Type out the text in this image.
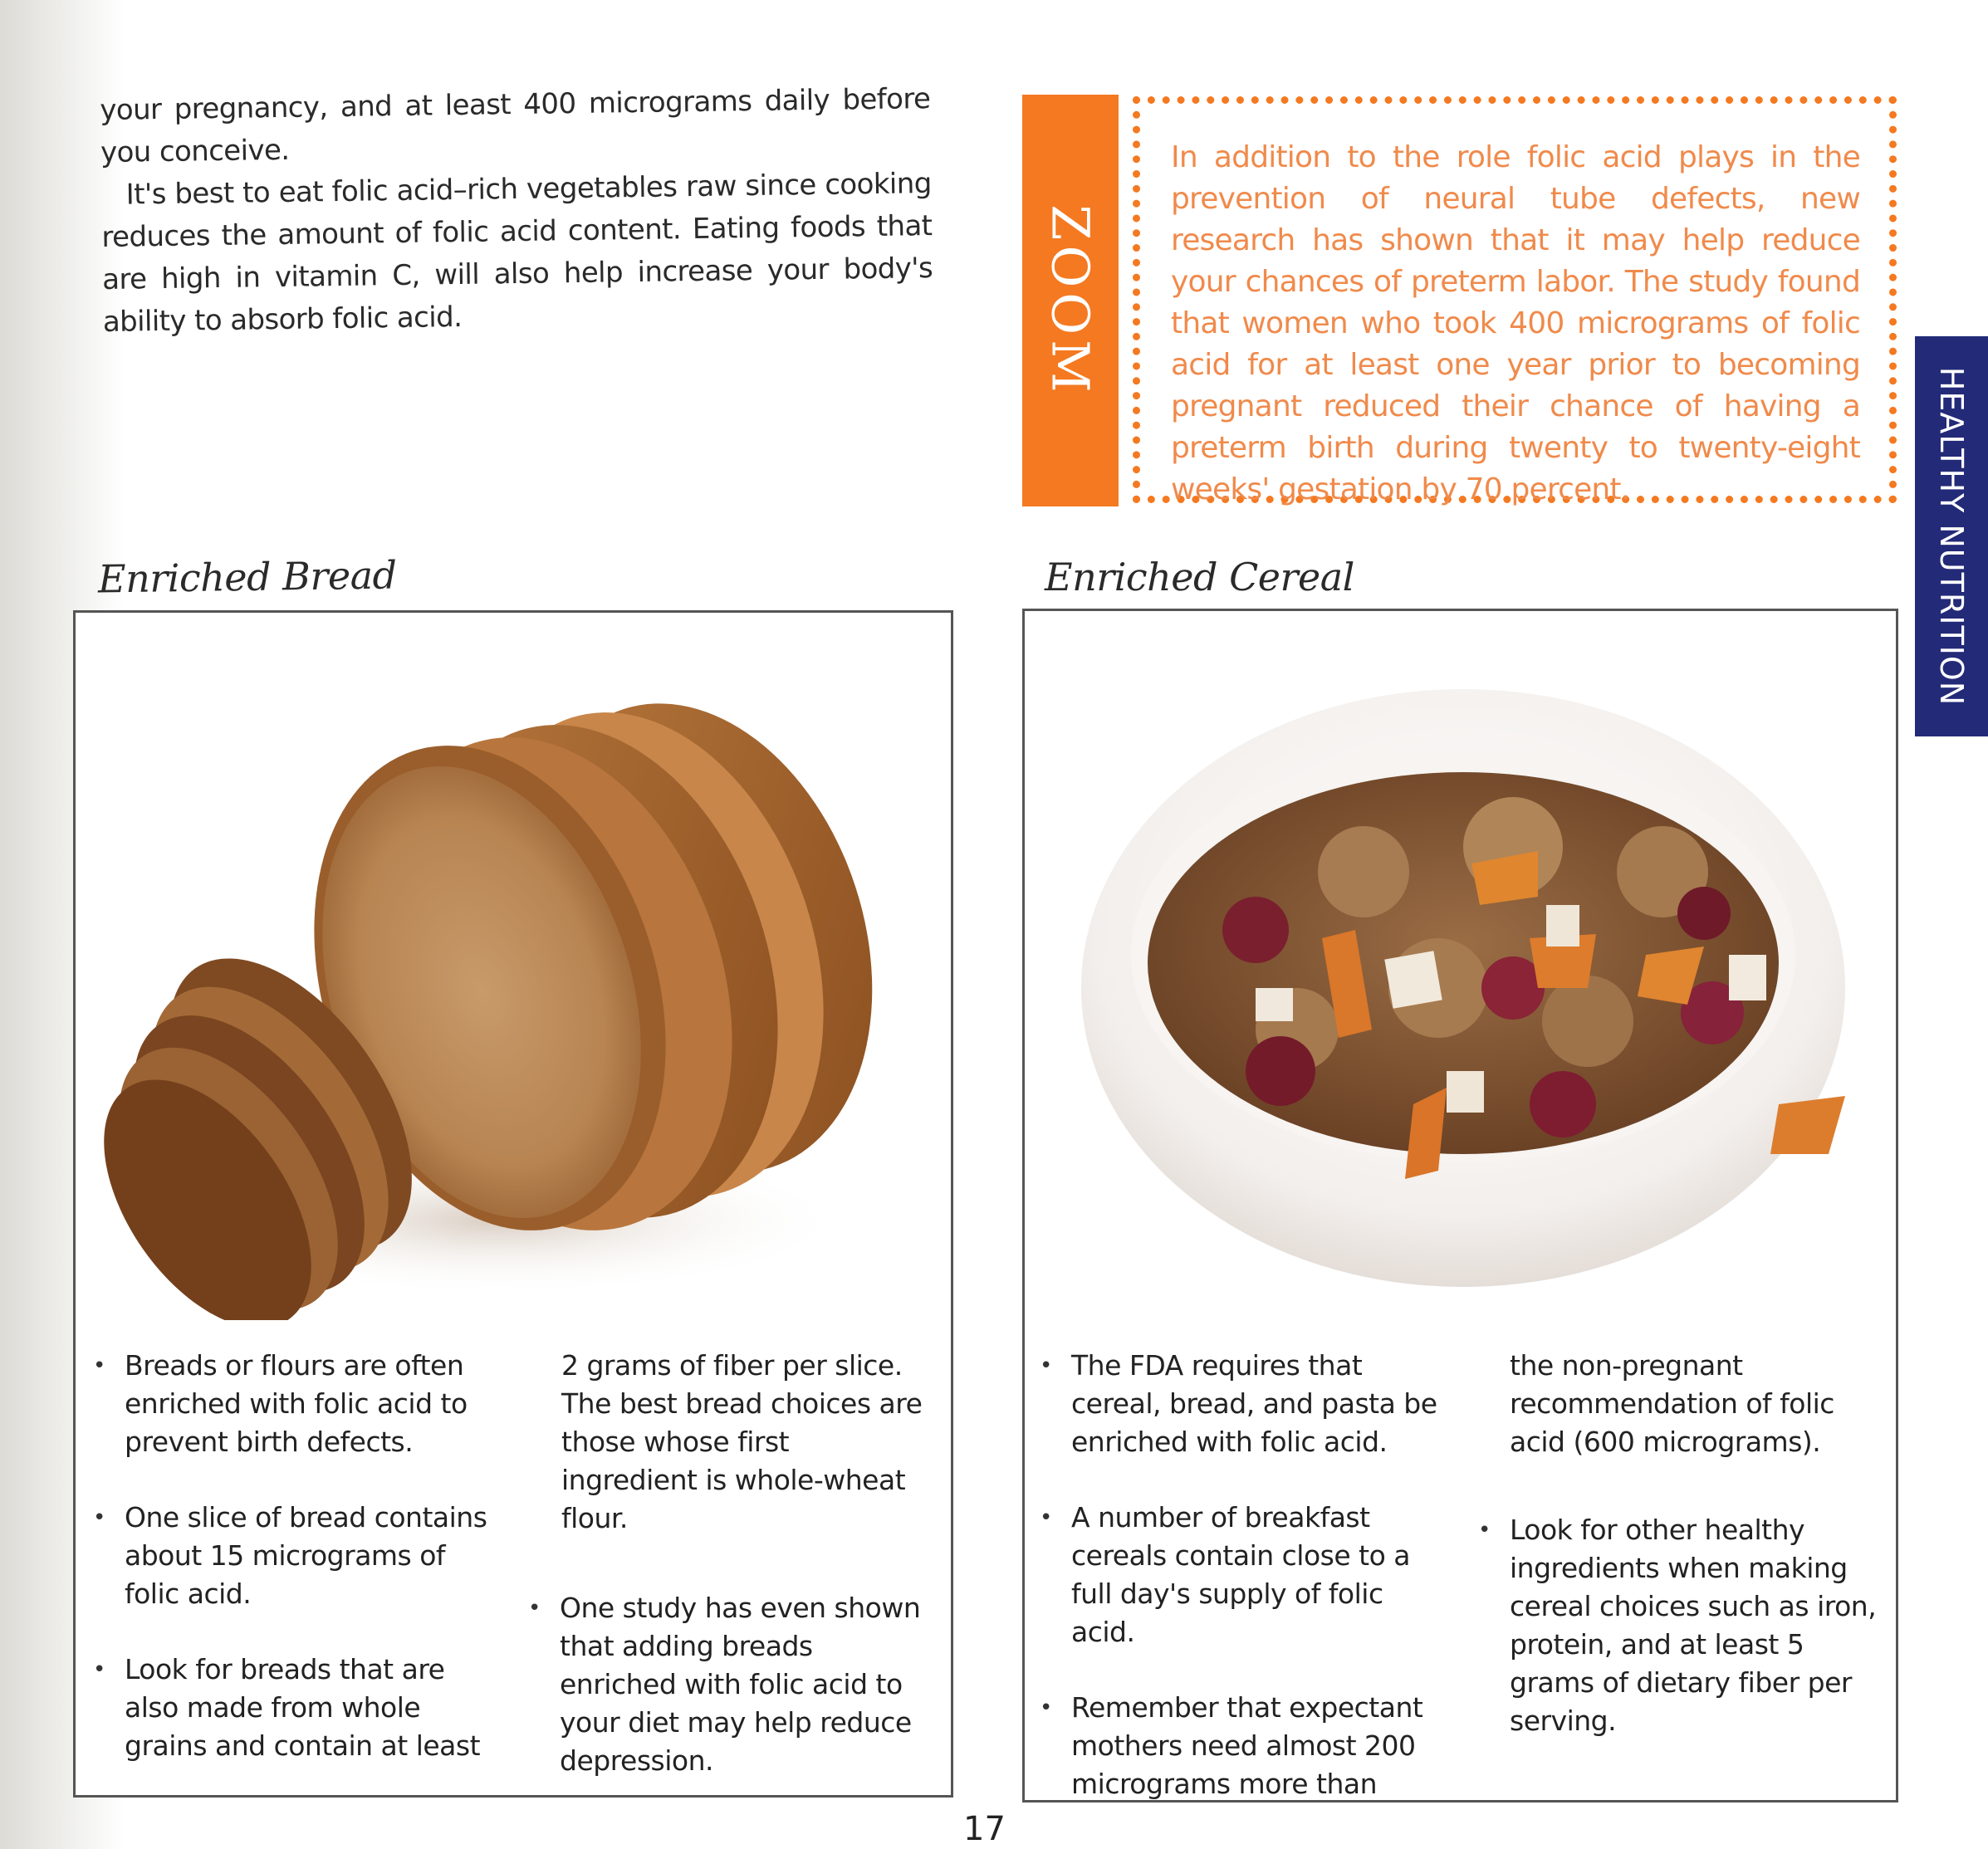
your pregnancy, and at least 400 micrograms daily before you conceive.

It's best to eat folic acid–rich vegetables raw since cooking reduces the amount of folic acid content. Eating foods that are high in vitamin C, will also help increase your body's ability to absorb folic acid.	ZOOM
In addition to the role folic acid plays in the prevention of neural tube defects, new research has shown that it may help reduce your chances of preterm labor. The study found that women who took 400 micrograms of folic acid for at least one year prior to becoming pregnant reduced their chance of having a preterm birth during twenty to twenty-eight weeks' gestation by 70 percent.	HEALTHY NUTRITION
Enriched Bread
• Breads or flours are often enriched with folic acid to prevent birth defects.
• One slice of bread contains about 15 micrograms of folic acid.
• Look for breads that are also made from whole grains and contain at least
2 grams of fiber per slice. The best bread choices are those whose first ingredient is whole-wheat flour.
• One study has even shown that adding breads enriched with folic acid to your diet may help reduce depression.
Enriched Cereal
• The FDA requires that cereal, bread, and pasta be enriched with folic acid.
• A number of breakfast cereals contain close to a full day's supply of folic acid.
• Remember that expectant mothers need almost 200 micrograms more than
the non-pregnant recommendation of folic acid (600 micrograms).
• Look for other healthy ingredients when making cereal choices such as iron, protein, and at least 5 grams of dietary fiber per serving.
17
